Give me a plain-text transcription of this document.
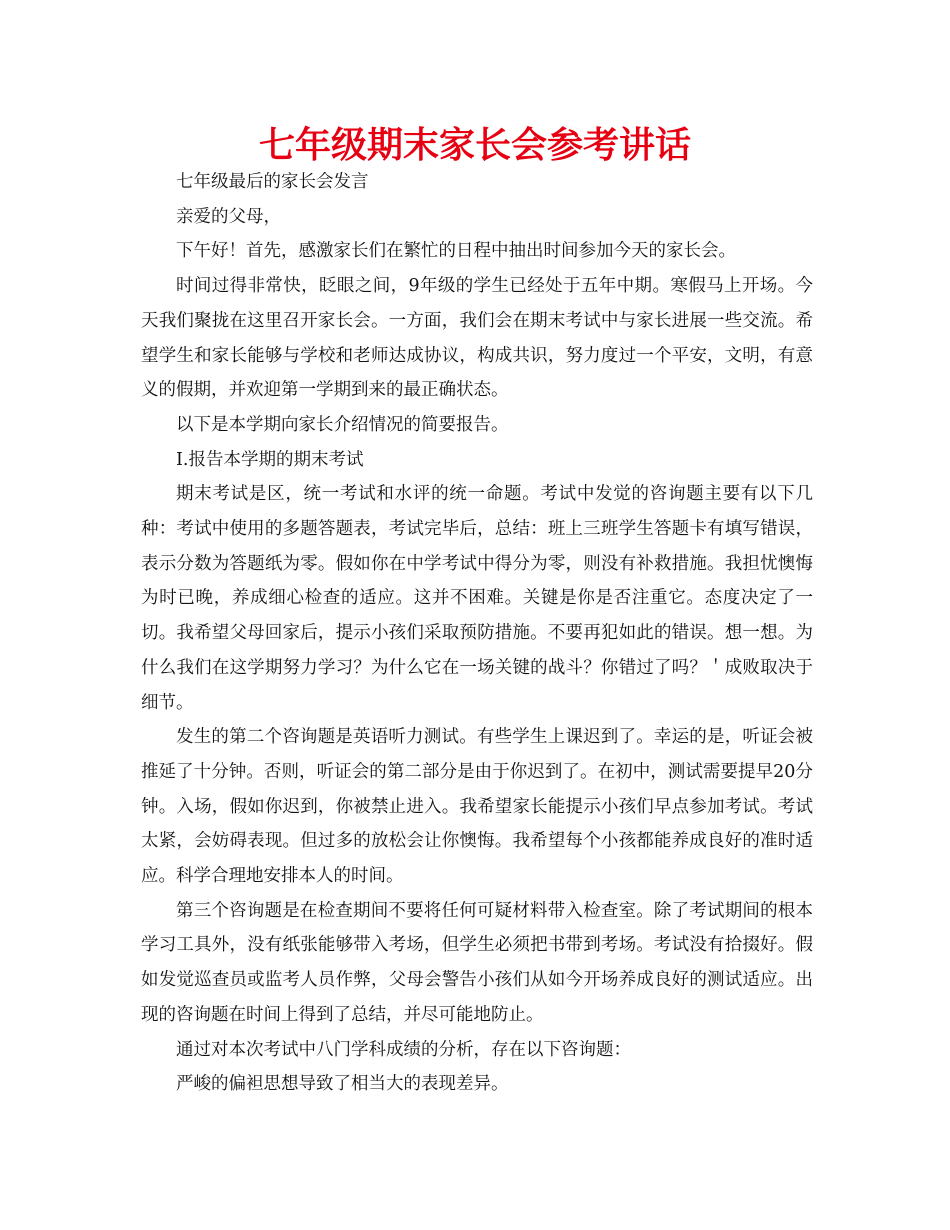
七年级期末家长会参考讲话

七年级最后的家长会发言

亲爱的父母，

下午好！首先，感激家长们在繁忙的日程中抽出时间参加今天的家长会。

时间过得非常快，眨眼之间，9年级的学生已经处于五年中期。寒假马上开场。今天我们聚拢在这里召开家长会。一方面，我们会在期末考试中与家长进展一些交流。希望学生和家长能够与学校和老师达成协议，构成共识，努力度过一个平安，文明，有意义的假期，并欢迎第一学期到来的最正确状态。

以下是本学期向家长介绍情况的简要报告。

I.报告本学期的期末考试

期末考试是区，统一考试和水评的统一命题。考试中发觉的咨询题主要有以下几种：考试中使用的多题答题表，考试完毕后，总结：班上三班学生答题卡有填写错误，表示分数为答题纸为零。假如你在中学考试中得分为零，则没有补救措施。我担忧懊悔为时已晚，养成细心检查的适应。这并不困难。关键是你是否注重它。态度决定了一切。我希望父母回家后，提示小孩们采取预防措施。不要再犯如此的错误。想一想。为什么我们在这学期努力学习？为什么它在一场关键的战斗？你错过了吗？＇成败取决于细节。

发生的第二个咨询题是英语听力测试。有些学生上课迟到了。幸运的是，听证会被推延了十分钟。否则，听证会的第二部分是由于你迟到了。在初中，测试需要提早20分钟。入场，假如你迟到，你被禁止进入。我希望家长能提示小孩们早点参加考试。考试太紧，会妨碍表现。但过多的放松会让你懊悔。我希望每个小孩都能养成良好的准时适应。科学合理地安排本人的时间。

第三个咨询题是在检查期间不要将任何可疑材料带入检查室。除了考试期间的根本学习工具外，没有纸张能够带入考场，但学生必须把书带到考场。考试没有拾掇好。假如发觉巡查员或监考人员作弊，父母会警告小孩们从如今开场养成良好的测试适应。出现的咨询题在时间上得到了总结，并尽可能地防止。

通过对本次考试中八门学科成绩的分析，存在以下咨询题：

严峻的偏袒思想导致了相当大的表现差异。
